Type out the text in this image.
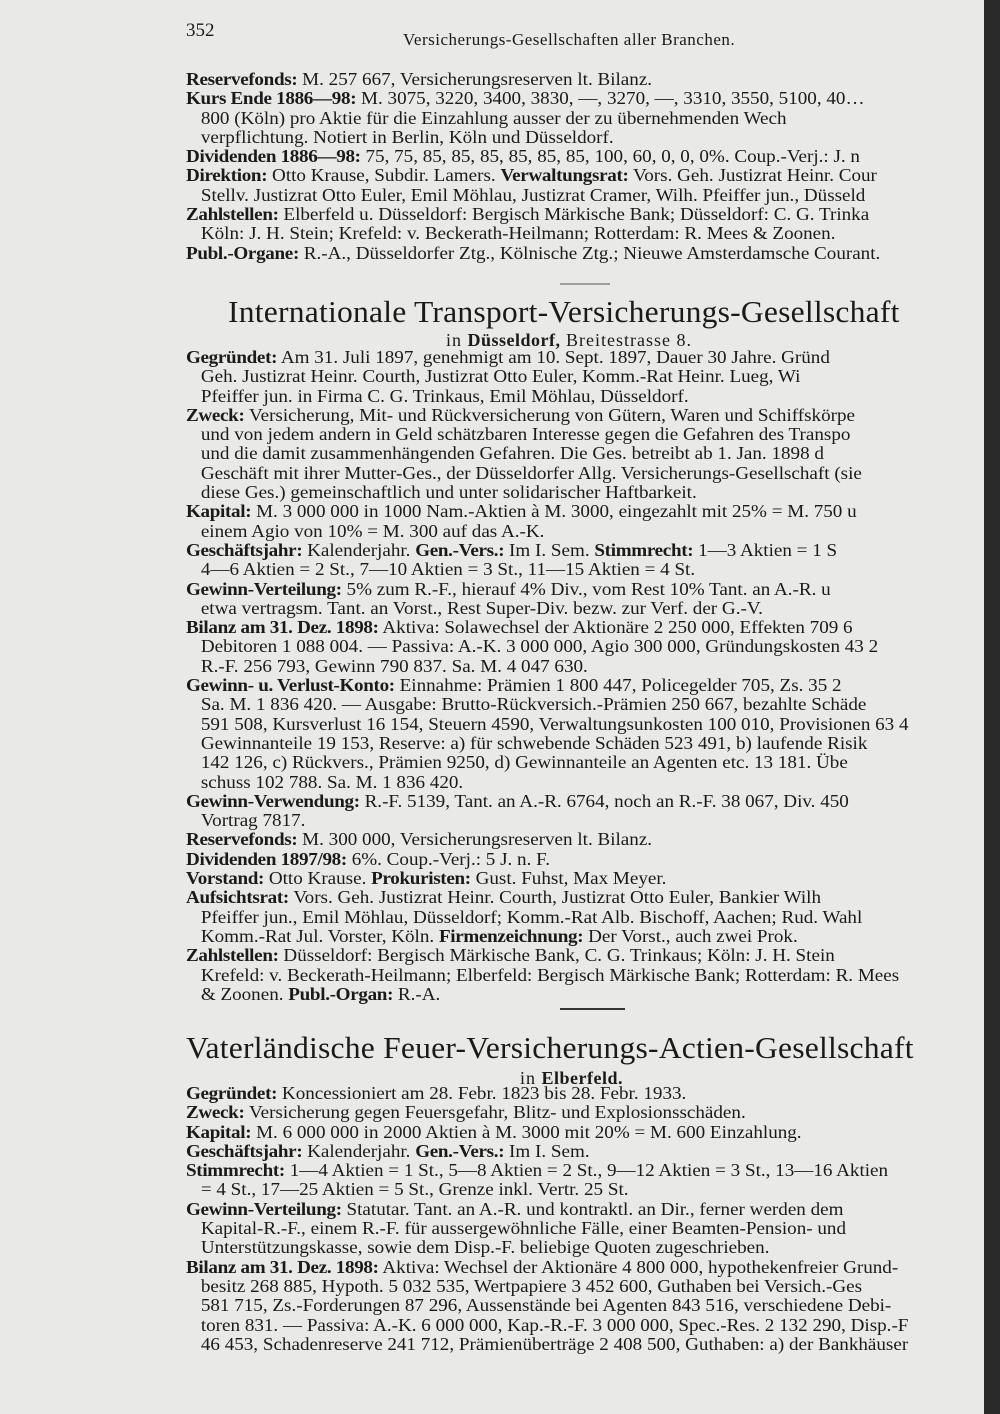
352	Versicherungs-Gesellschaften aller Branchen.
Reservefonds: M. 257 667, Versicherungsreserven lt. Bilanz.
Kurs Ende 1886—98: M. 3075, 3220, 3400, 3830, —, 3270, —, 3310, 3550, 5100, 40…
800 (Köln) pro Aktie für die Einzahlung ausser der zu übernehmenden Wech
verpflichtung. Notiert in Berlin, Köln und Düsseldorf.
Dividenden 1886—98: 75, 75, 85, 85, 85, 85, 85, 85, 100, 60, 0, 0, 0%. Coup.-Verj.: J. n
Direktion: Otto Krause, Subdir. Lamers. Verwaltungsrat: Vors. Geh. Justizrat Heinr. Cour
Stellv. Justizrat Otto Euler, Emil Möhlau, Justizrat Cramer, Wilh. Pfeiffer jun., Düsseld
Zahlstellen: Elberfeld u. Düsseldorf: Bergisch Märkische Bank; Düsseldorf: C. G. Trinka
Köln: J. H. Stein; Krefeld: v. Beckerath-Heilmann; Rotterdam: R. Mees & Zoonen.
Publ.-Organe: R.-A., Düsseldorfer Ztg., Kölnische Ztg.; Nieuwe Amsterdamsche Courant.
Internationale Transport-Versicherungs-Gesellschaft
in Düsseldorf, Breitestrasse 8.
Gegründet: Am 31. Juli 1897, genehmigt am 10. Sept. 1897, Dauer 30 Jahre. Gründ
Geh. Justizrat Heinr. Courth, Justizrat Otto Euler, Komm.-Rat Heinr. Lueg, Wi
Pfeiffer jun. in Firma C. G. Trinkaus, Emil Möhlau, Düsseldorf.
Zweck: Versicherung, Mit- und Rückversicherung von Gütern, Waren und Schiffskörpe
und von jedem andern in Geld schätzbaren Interesse gegen die Gefahren des Transpo
und die damit zusammenhängenden Gefahren. Die Ges. betreibt ab 1. Jan. 1898 d
Geschäft mit ihrer Mutter-Ges., der Düsseldorfer Allg. Versicherungs-Gesellschaft (sie
diese Ges.) gemeinschaftlich und unter solidarischer Haftbarkeit.
Kapital: M. 3 000 000 in 1000 Nam.-Aktien à M. 3000, eingezahlt mit 25% = M. 750 u
einem Agio von 10% = M. 300 auf das A.-K.
Geschäftsjahr: Kalenderjahr. Gen.-Vers.: Im I. Sem. Stimmrecht: 1—3 Aktien = 1 S
4—6 Aktien = 2 St., 7—10 Aktien = 3 St., 11—15 Aktien = 4 St.
Gewinn-Verteilung: 5% zum R.-F., hierauf 4% Div., vom Rest 10% Tant. an A.-R. u
etwa vertragsm. Tant. an Vorst., Rest Super-Div. bezw. zur Verf. der G.-V.
Bilanz am 31. Dez. 1898: Aktiva: Solawechsel der Aktionäre 2 250 000, Effekten 709 6
Debitoren 1 088 004. — Passiva: A.-K. 3 000 000, Agio 300 000, Gründungskosten 43 2
R.-F. 256 793, Gewinn 790 837. Sa. M. 4 047 630.
Gewinn- u. Verlust-Konto: Einnahme: Prämien 1 800 447, Policegelder 705, Zs. 35 2
Sa. M. 1 836 420. — Ausgabe: Brutto-Rückversich.-Prämien 250 667, bezahlte Schäde
591 508, Kursverlust 16 154, Steuern 4590, Verwaltungsunkosten 100 010, Provisionen 63 4
Gewinnanteile 19 153, Reserve: a) für schwebende Schäden 523 491, b) laufende Risik
142 126, c) Rückvers., Prämien 9250, d) Gewinnanteile an Agenten etc. 13 181. Übe
schuss 102 788. Sa. M. 1 836 420.
Gewinn-Verwendung: R.-F. 5139, Tant. an A.-R. 6764, noch an R.-F. 38 067, Div. 450
Vortrag 7817.
Reservefonds: M. 300 000, Versicherungsreserven lt. Bilanz.
Dividenden 1897/98: 6%. Coup.-Verj.: 5 J. n. F.
Vorstand: Otto Krause. Prokuristen: Gust. Fuhst, Max Meyer.
Aufsichtsrat: Vors. Geh. Justizrat Heinr. Courth, Justizrat Otto Euler, Bankier Wilh
Pfeiffer jun., Emil Möhlau, Düsseldorf; Komm.-Rat Alb. Bischoff, Aachen; Rud. Wahl
Komm.-Rat Jul. Vorster, Köln. Firmenzeichnung: Der Vorst., auch zwei Prok.
Zahlstellen: Düsseldorf: Bergisch Märkische Bank, C. G. Trinkaus; Köln: J. H. Stein
Krefeld: v. Beckerath-Heilmann; Elberfeld: Bergisch Märkische Bank; Rotterdam: R. Mees
& Zoonen. Publ.-Organ: R.-A.
Vaterländische Feuer-Versicherungs-Actien-Gesellschaft
in Elberfeld.
Gegründet: Koncessioniert am 28. Febr. 1823 bis 28. Febr. 1933.
Zweck: Versicherung gegen Feuersgefahr, Blitz- und Explosionsschäden.
Kapital: M. 6 000 000 in 2000 Aktien à M. 3000 mit 20% = M. 600 Einzahlung.
Geschäftsjahr: Kalenderjahr. Gen.-Vers.: Im I. Sem.
Stimmrecht: 1—4 Aktien = 1 St., 5—8 Aktien = 2 St., 9—12 Aktien = 3 St., 13—16 Aktien
= 4 St., 17—25 Aktien = 5 St., Grenze inkl. Vertr. 25 St.
Gewinn-Verteilung: Statutar. Tant. an A.-R. und kontraktl. an Dir., ferner werden dem
Kapital-R.-F., einem R.-F. für aussergewöhnliche Fälle, einer Beamten-Pension- und
Unterstützungskasse, sowie dem Disp.-F. beliebige Quoten zugeschrieben.
Bilanz am 31. Dez. 1898: Aktiva: Wechsel der Aktionäre 4 800 000, hypothekenfreier Grund-
besitz 268 885, Hypoth. 5 032 535, Wertpapiere 3 452 600, Guthaben bei Versich.-Ges
581 715, Zs.-Forderungen 87 296, Aussenstände bei Agenten 843 516, verschiedene Debi-
toren 831. — Passiva: A.-K. 6 000 000, Kap.-R.-F. 3 000 000, Spec.-Res. 2 132 290, Disp.-F
46 453, Schadenreserve 241 712, Prämienüberträge 2 408 500, Guthaben: a) der Bankhäuser
